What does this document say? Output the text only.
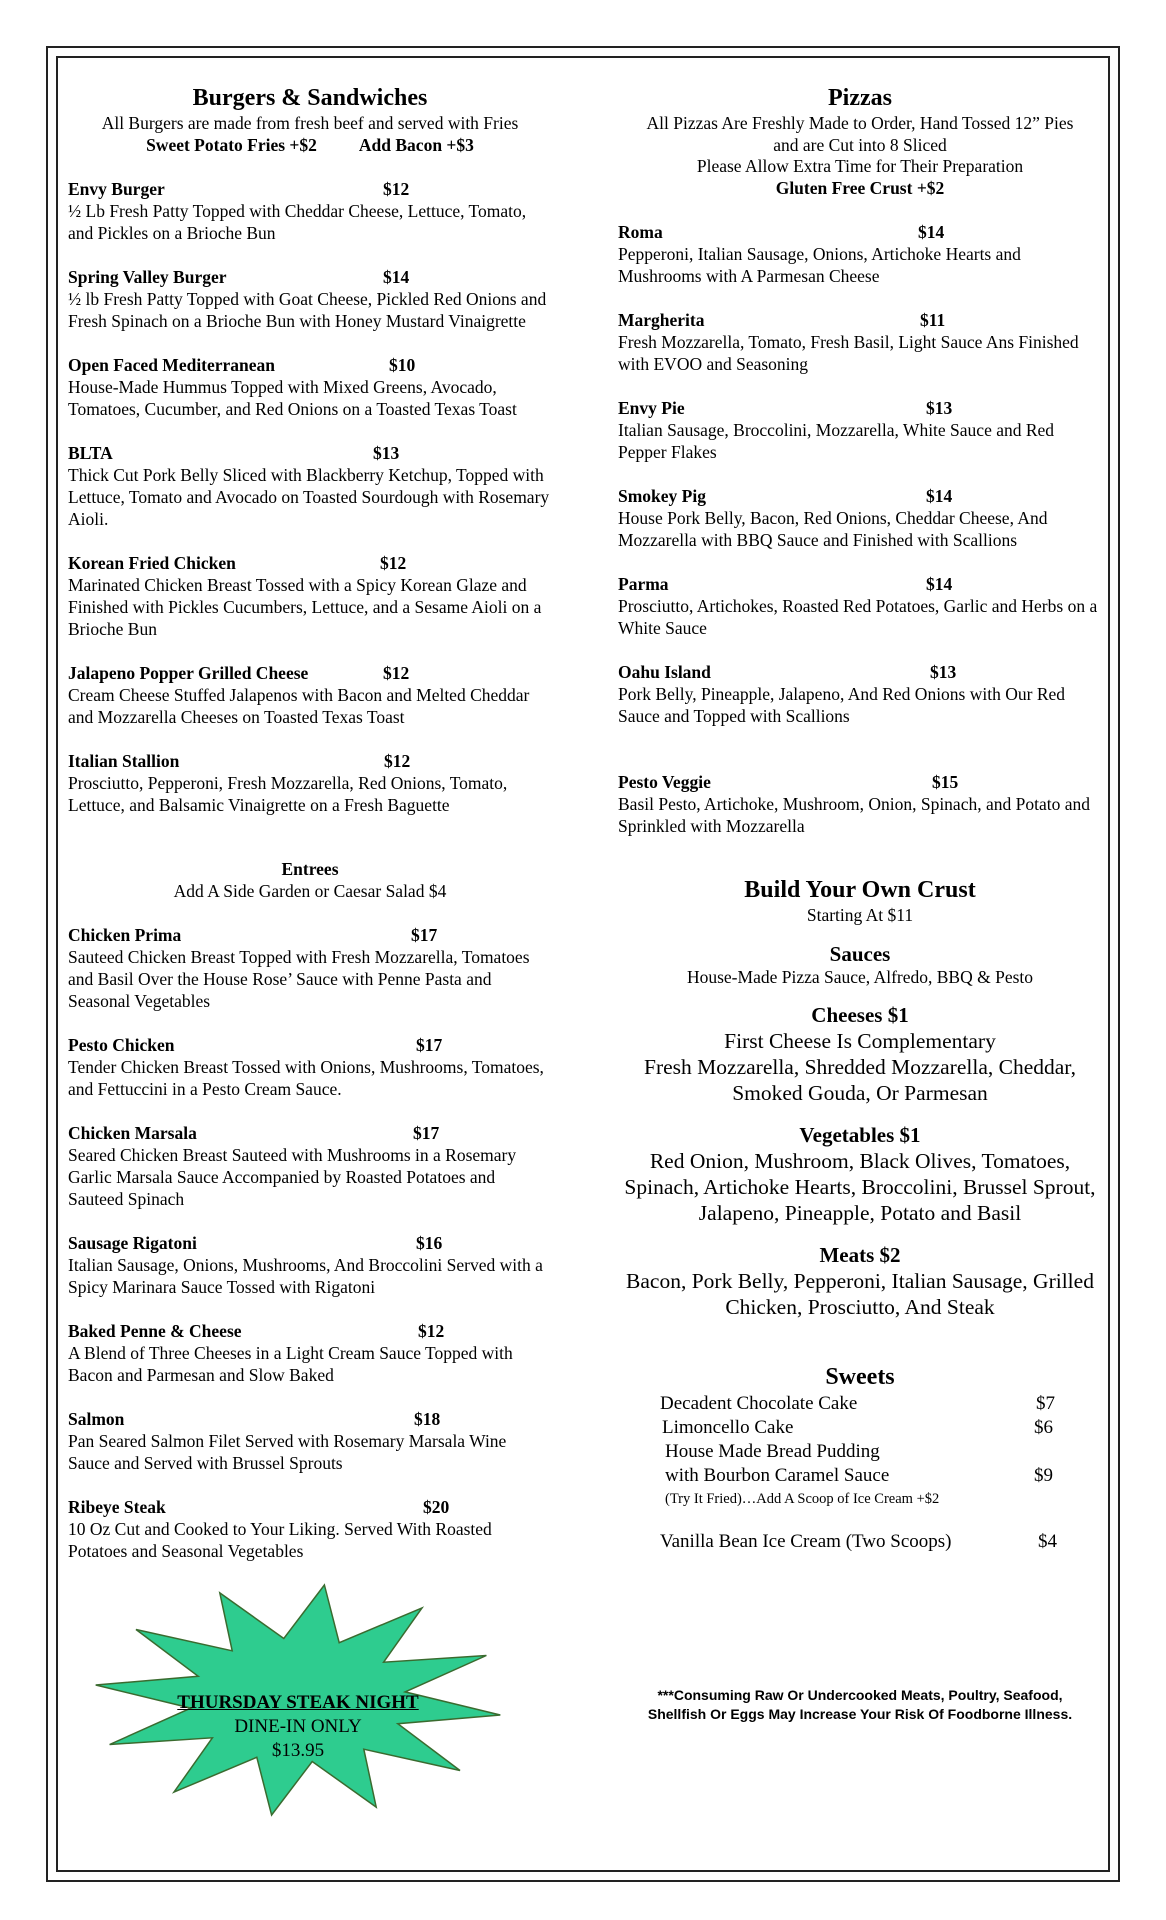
Burgers & Sandwiches
All Burgers are made from fresh beef and served with Fries
Sweet Potato Fries +$2 Add Bacon +$3
Envy Burger	$12
½ Lb Fresh Patty Topped with Cheddar Cheese, Lettuce, Tomato, and Pickles on a Brioche Bun
Spring Valley Burger	$14
½ lb Fresh Patty Topped with Goat Cheese, Pickled Red Onions and Fresh Spinach on a Brioche Bun with Honey Mustard Vinaigrette
Open Faced Mediterranean	$10
House-Made Hummus Topped with Mixed Greens, Avocado, Tomatoes, Cucumber, and Red Onions on a Toasted Texas Toast
BLTA	$13
Thick Cut Pork Belly Sliced with Blackberry Ketchup, Topped with Lettuce, Tomato and Avocado on Toasted Sourdough with Rosemary Aioli.
Korean Fried Chicken	$12
Marinated Chicken Breast Tossed with a Spicy Korean Glaze and Finished with Pickles Cucumbers, Lettuce, and a Sesame Aioli on a Brioche Bun
Jalapeno Popper Grilled Cheese	$12
Cream Cheese Stuffed Jalapenos with Bacon and Melted Cheddar and Mozzarella Cheeses on Toasted Texas Toast
Italian Stallion	$12
Prosciutto, Pepperoni, Fresh Mozzarella, Red Onions, Tomato, Lettuce, and Balsamic Vinaigrette on a Fresh Baguette
Entrees
Add A Side Garden or Caesar Salad $4
Chicken Prima	$17
Sauteed Chicken Breast Topped with Fresh Mozzarella, Tomatoes and Basil Over the House Rose’ Sauce with Penne Pasta and Seasonal Vegetables
Pesto Chicken	$17
Tender Chicken Breast Tossed with Onions, Mushrooms, Tomatoes, and Fettuccini in a Pesto Cream Sauce.
Chicken Marsala	$17
Seared Chicken Breast Sauteed with Mushrooms in a Rosemary Garlic Marsala Sauce Accompanied by Roasted Potatoes and Sauteed Spinach
Sausage Rigatoni	$16
Italian Sausage, Onions, Mushrooms, And Broccolini Served with a Spicy Marinara Sauce Tossed with Rigatoni
Baked Penne & Cheese	$12
A Blend of Three Cheeses in a Light Cream Sauce Topped with Bacon and Parmesan and Slow Baked
Salmon	$18
Pan Seared Salmon Filet Served with Rosemary Marsala Wine Sauce and Served with Brussel Sprouts
Ribeye Steak	$20
10 Oz Cut and Cooked to Your Liking. Served With Roasted Potatoes and Seasonal Vegetables
THURSDAY STEAK NIGHT
DINE-IN ONLY
$13.95
Pizzas
All Pizzas Are Freshly Made to Order, Hand Tossed 12” Pies
and are Cut into 8 Sliced
Please Allow Extra Time for Their Preparation
Gluten Free Crust +$2
Roma	$14
Pepperoni, Italian Sausage, Onions, Artichoke Hearts and Mushrooms with A Parmesan Cheese
Margherita	$11
Fresh Mozzarella, Tomato, Fresh Basil, Light Sauce Ans Finished with EVOO and Seasoning
Envy Pie	$13
Italian Sausage, Broccolini, Mozzarella, White Sauce and Red Pepper Flakes
Smokey Pig	$14
House Pork Belly, Bacon, Red Onions, Cheddar Cheese, And Mozzarella with BBQ Sauce and Finished with Scallions
Parma	$14
Prosciutto, Artichokes, Roasted Red Potatoes, Garlic and Herbs on a White Sauce
Oahu Island	$13
Pork Belly, Pineapple, Jalapeno, And Red Onions with Our Red Sauce and Topped with Scallions
Pesto Veggie	$15
Basil Pesto, Artichoke, Mushroom, Onion, Spinach, and Potato and Sprinkled with Mozzarella
Build Your Own Crust
Starting At $11
Sauces
House-Made Pizza Sauce, Alfredo, BBQ & Pesto
Cheeses $1
First Cheese Is Complementary
Fresh Mozzarella, Shredded Mozzarella, Cheddar, Smoked Gouda, Or Parmesan
Vegetables $1
Red Onion, Mushroom, Black Olives, Tomatoes, Spinach, Artichoke Hearts, Broccolini, Brussel Sprout, Jalapeno, Pineapple, Potato and Basil
Meats $2
Bacon, Pork Belly, Pepperoni, Italian Sausage, Grilled Chicken, Prosciutto, And Steak
Sweets
Decadent Chocolate Cake	$7
Limoncello Cake	$6
House Made Bread Pudding
with Bourbon Caramel Sauce	$9
(Try It Fried)…Add A Scoop of Ice Cream +$2
Vanilla Bean Ice Cream (Two Scoops)	$4
***Consuming Raw Or Undercooked Meats, Poultry, Seafood, Shellfish Or Eggs May Increase Your Risk Of Foodborne Illness.
